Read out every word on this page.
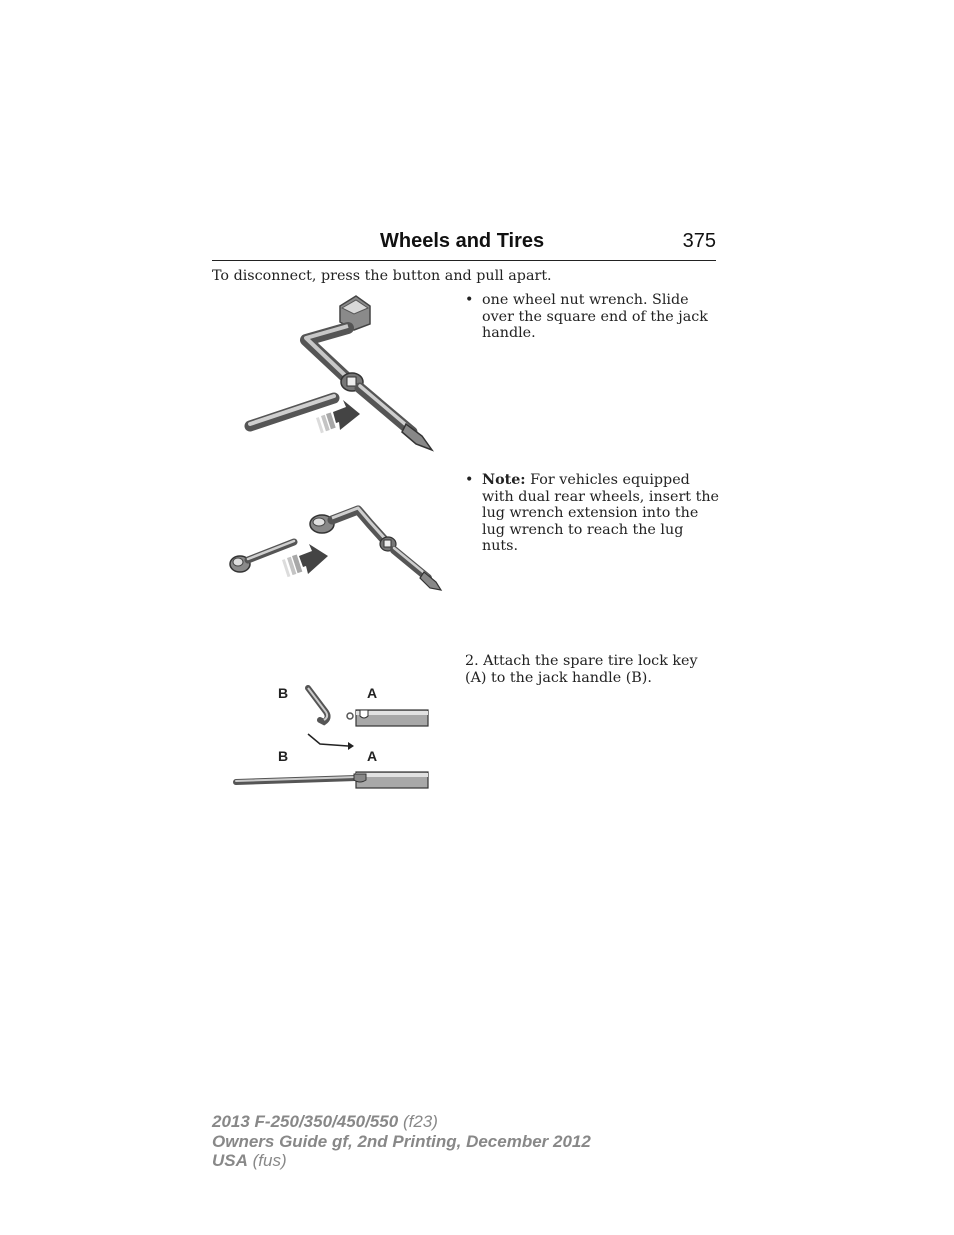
Wheels and Tires	375
To disconnect, press the button and pull apart.
• one wheel nut wrench. Slide over the square end of the jack handle.
• Note: For vehicles equipped with dual rear wheels, insert the lug wrench extension into the lug wrench to reach the lug nuts.
B	A
B	A
2. Attach the spare tire lock key (A) to the jack handle (B).
2013 F-250/350/450/550 (f23)
Owners Guide gf, 2nd Printing, December 2012
USA (fus)
